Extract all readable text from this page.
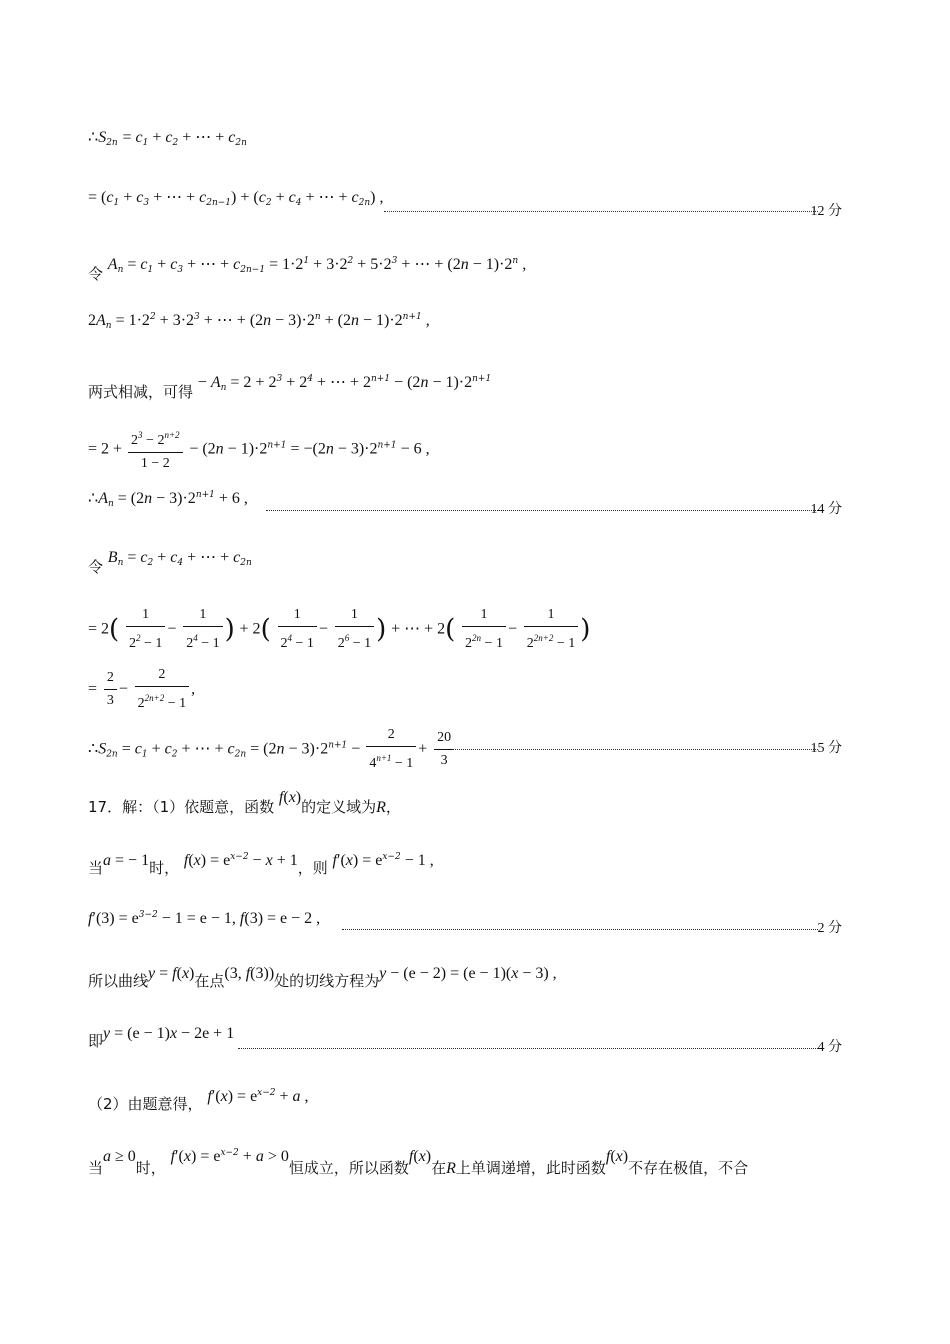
$\therefore S_{2n} = c_1 + c_2$ + ⋯ + $c_{2n}$
= ($c_1 + c_3$ + ⋯ + $c_{2n-1}) + (c_2 + c_4$ + ⋯ + $c_{2n}$) ,
12 分
令 $A_n = c_1 + c_3$ + ⋯ + $c_{2n-1} = 1\cdot 2^1 + 3\cdot 2^2 + 5\cdot 2^3$ + ⋯ + $(2n - 1)\cdot 2^n$ ,
$2A_n = 1\cdot 2^2 + 3\cdot 2^3$ + ⋯ + $(2n - 3)\cdot 2^n + (2n - 1)\cdot 2^{n+1}$ ,
两式相减，可得 − $A_n = 2 + 2^3 + 2^4$ + ⋯ + $2^{n+1} - (2n - 1)\cdot 2^{n+1}$
= $2 + \frac{2^3 - 2^{n+2}}{1 - 2} - (2n - 1)\cdot 2^{n+1} = -(2n - 3)\cdot 2^{n+1} - 6$ ,
$\therefore A_n = (2n - 3)\cdot 2^{n+1} + 6$ ,
14 分
令 $B_n = c_2 + c_4$ + ⋯ + $c_{2n}$
= $2( \frac{1}{2^2 - 1} - \frac{1}{2^4 - 1}$ ) + $2( \frac{1}{2^4 - 1} - \frac{1}{2^6 - 1}$ ) + ⋯ + $2( \frac{1}{2^{2n} - 1} - \frac{1}{2^{2n+2} - 1}$ )
= $\frac{2}{3} - \frac{2}{2^{2n+2} - 1}$ ,
$\therefore S_{2n} = c_1 + c_2$ + ⋯ + $c_{2n} = (2n - 3)\cdot 2^{n+1} - \frac{2}{4^{n+1} - 1} + \frac{20}{3}$	15 分
17．解：（1）依题意，函数 f(x)的定义域为R，
当a = − 1时， $f(x) = e^{x-2} - x + 1$，则 $f'(x) = e^{x-2} - 1$ ,
$f'(3) = e^{3-2} - 1 = e - 1$, f(3) = e − 2 ,
2 分
所以曲线y = f(x)在点(3, f(3))处的切线方程为y − (e − 2) = (e − 1)(x − 3) ,
即y = (e − 1)x − 2e + 1
4 分
（2）由题意得， $f'(x) = e^{x-2} + a$ ,
当a ≥ 0时， $f'(x) = e^{x-2} + a > 0$恒成立，所以函数f(x)在R上单调递增，此时函数f(x)不存在极值，不合
